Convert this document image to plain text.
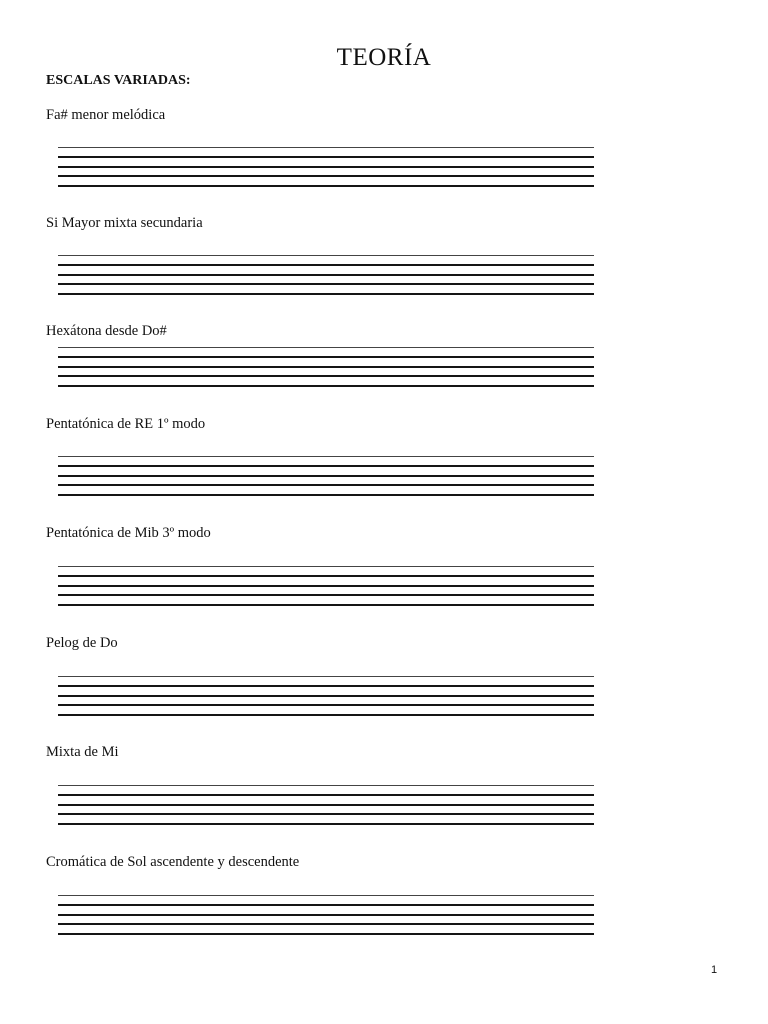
TEORÍA
ESCALAS VARIADAS:
Fa# menor melódica
Si Mayor mixta secundaria
Hexátona desde Do#
Pentatónica de RE 1º modo
Pentatónica de Mib 3º modo
Pelog de Do
Mixta de Mi
Cromática de Sol ascendente y descendente
1
